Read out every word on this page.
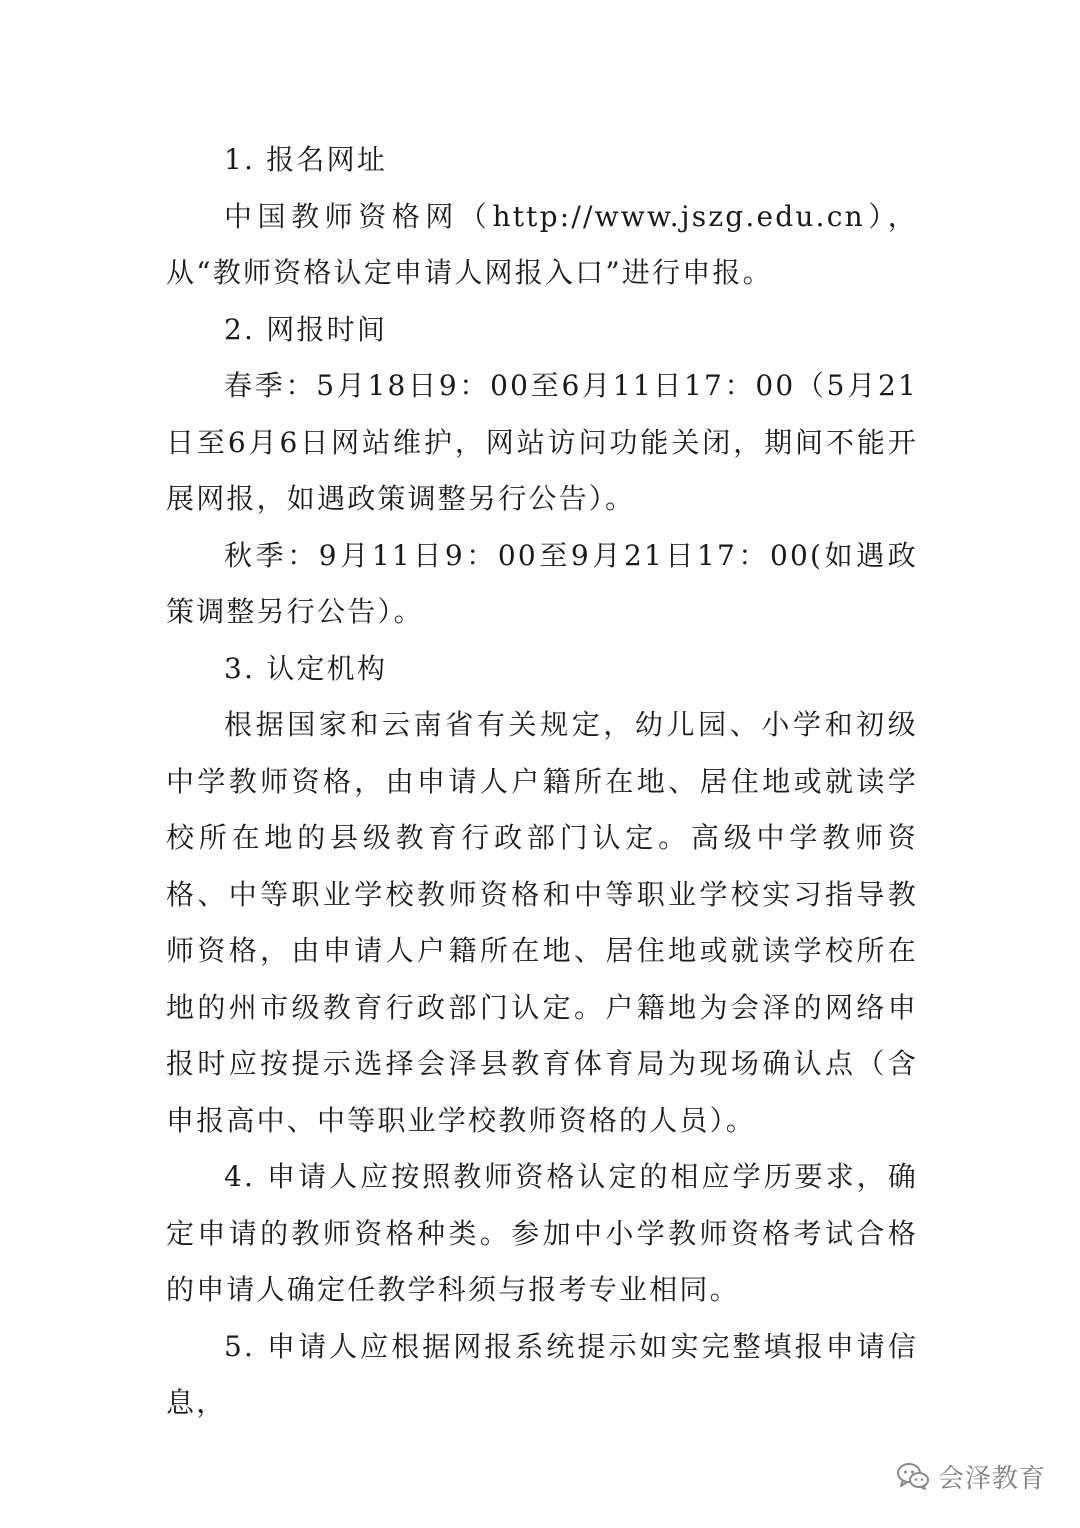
1. 报名网址

中国教师资格网（http://www.jszg.edu.cn），从“教师资格认定申请人网报入口”进行申报。

2. 网报时间

春季：5月18日9：00至6月11日17：00（5月21日至6月6日网站维护，网站访问功能关闭，期间不能开展网报，如遇政策调整另行公告）。

秋季：9月11日9：00至9月21日17：00(如遇政策调整另行公告）。

3. 认定机构

根据国家和云南省有关规定，幼儿园、小学和初级中学教师资格，由申请人户籍所在地、居住地或就读学校所在地的县级教育行政部门认定。高级中学教师资格、中等职业学校教师资格和中等职业学校实习指导教师资格，由申请人户籍所在地、居住地或就读学校所在地的州市级教育行政部门认定。户籍地为会泽的网络申报时应按提示选择会泽县教育体育局为现场确认点（含申报高中、中等职业学校教师资格的人员）。

4. 申请人应按照教师资格认定的相应学历要求，确定申请的教师资格种类。参加中小学教师资格考试合格的申请人确定任教学科须与报考专业相同。

5. 申请人应根据网报系统提示如实完整填报申请信息，

会泽教育
